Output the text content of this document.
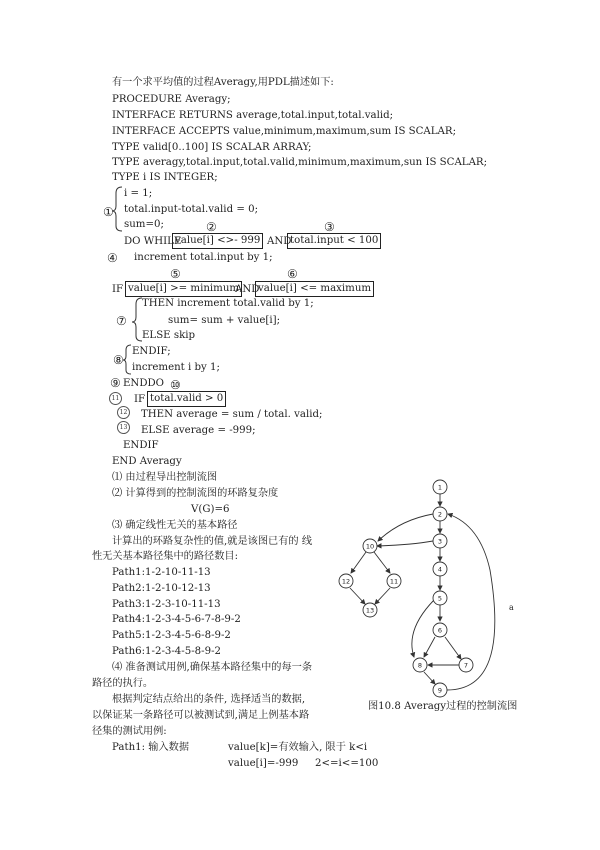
有一个求平均值的过程Averagy,用PDL描述如下:
PROCEDURE Averagy;
INTERFACE RETURNS average,total.input,total.valid;
INTERFACE ACCEPTS value,minimum,maximum,sum IS SCALAR;
TYPE valid[0..100] IS SCALAR ARRAY;
TYPE averagy,total.input,total.valid,minimum,maximum,sun IS SCALAR;
TYPE i IS INTEGER;
①
i = 1;
total.input-total.valid = 0;
sum=0;	②	③
DO WHILE
value[i] <>- 999 AND
total.input < 100
④ increment total.input by 1;
⑤	⑥
IF value[i] >= minimum
AND
value[i] <= maximum
⑦
THEN increment total.valid by 1;
sum= sum + value[i];
ELSE skip
⑧
ENDIF;
increment i by 1;
⑨ ENDDO ⑩
11 IF total.valid > 0
12 THEN average = sum / total. valid;
13 ELSE average = -999;
ENDIF
END Averagy
⑴ 由过程导出控制流图
⑵ 计算得到的控制流图的环路复杂度
V(G)=6
⑶ 确定线性无关的基本路径
计算出的环路复杂性的值,就是该图已有的 线
性无关基本路径集中的路径数目:
Path1:1-2-10-11-13
Path2:1-2-10-12-13
Path3:1-2-3-10-11-13
Path4:1-2-3-4-5-6-7-8-9-2
Path5:1-2-3-4-5-6-8-9-2
Path6:1-2-3-4-5-8-9-2
⑷ 准备测试用例,确保基本路径集中的每一条
路径的执行。
根据判定结点给出的条件, 选择适当的数据,
以保证某一条路径可以被测试到,满足上例基本路
径集的测试用例:
Path1: 输入数据	value[k]=有效输入, 限于 k<i
value[i]=-999 2<=i<=100
图10.8 Averagy过程的控制流图
1
2
3
4
5
6
7
8
9
10
11
12
13	a
